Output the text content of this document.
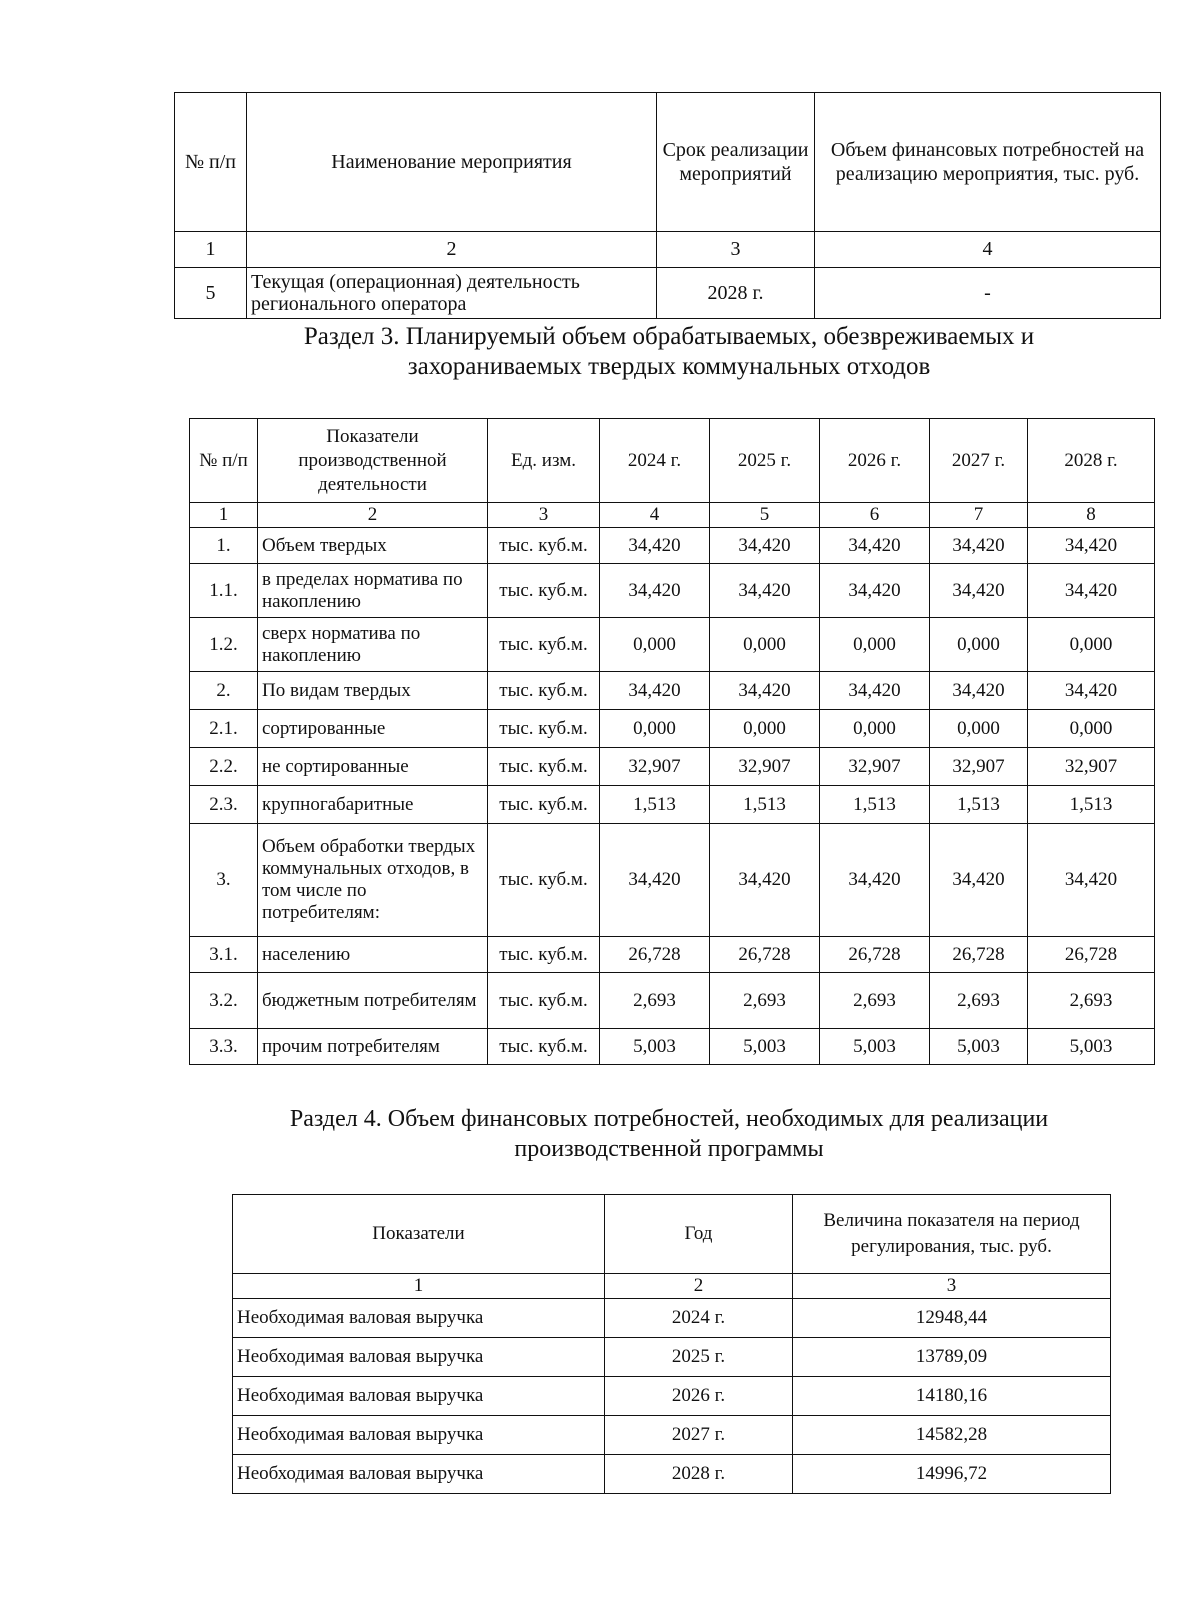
№ п/п	Наименование мероприятия	Срок реализации мероприятий	Объем финансовых потребностей на реализацию мероприятия, тыс. руб.
1	2	3	4
5	Текущая (операционная) деятельность регионального оператора	2028 г.	-
Раздел 3. Планируемый объем обрабатываемых, обезвреживаемых и
захораниваемых твердых коммунальных отходов
№ п/п	Показатели производственной деятельности	Ед. изм.	2024 г.	2025 г.	2026 г.	2027 г.	2028 г.
1	2	3	4	5	6	7	8
1.	Объем твердых	тыс. куб.м.	34,420	34,420	34,420	34,420	34,420
1.1.	в пределах норматива по накоплению	тыс. куб.м.	34,420	34,420	34,420	34,420	34,420
1.2.	сверх норматива по накоплению	тыс. куб.м.	0,000	0,000	0,000	0,000	0,000
2.	По видам твердых	тыс. куб.м.	34,420	34,420	34,420	34,420	34,420
2.1.	сортированные	тыс. куб.м.	0,000	0,000	0,000	0,000	0,000
2.2.	не сортированные	тыс. куб.м.	32,907	32,907	32,907	32,907	32,907
2.3.	крупногабаритные	тыс. куб.м.	1,513	1,513	1,513	1,513	1,513
3.	Объем обработки твердых коммунальных отходов, в том числе по потребителям:	тыс. куб.м.	34,420	34,420	34,420	34,420	34,420
3.1.	населению	тыс. куб.м.	26,728	26,728	26,728	26,728	26,728
3.2.	бюджетным потребителям	тыс. куб.м.	2,693	2,693	2,693	2,693	2,693
3.3.	прочим потребителям	тыс. куб.м.	5,003	5,003	5,003	5,003	5,003
Раздел 4. Объем финансовых потребностей, необходимых для реализации
производственной программы
Показатели	Год	Величина показателя на период регулирования, тыс. руб.
1	2	3
Необходимая валовая выручка	2024 г.	12948,44
Необходимая валовая выручка	2025 г.	13789,09
Необходимая валовая выручка	2026 г.	14180,16
Необходимая валовая выручка	2027 г.	14582,28
Необходимая валовая выручка	2028 г.	14996,72
